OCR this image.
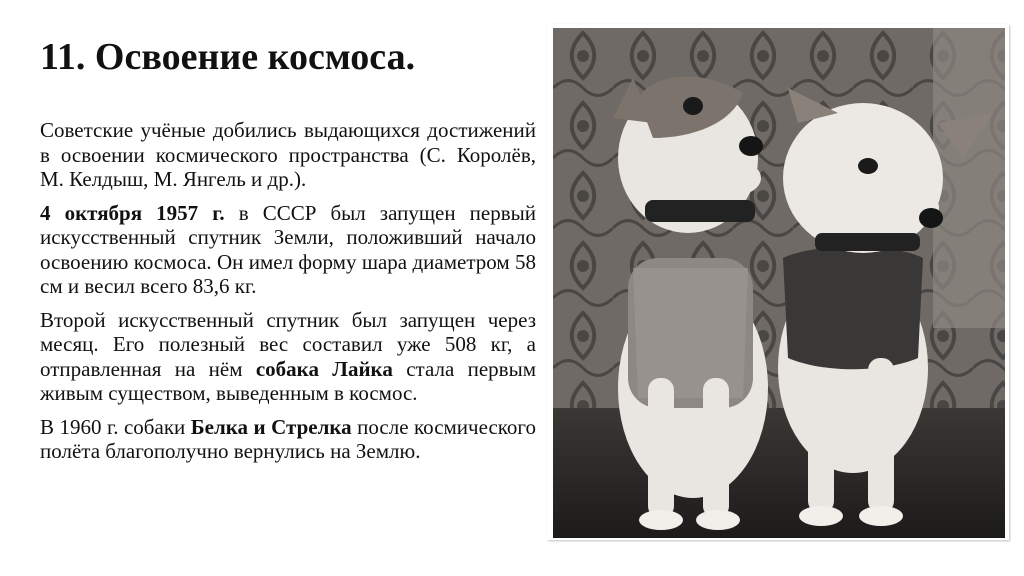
11. Освоение космоса.

Советские учёные добились выдающихся достижений в освоении космического пространства (С. Королёв, М. Келдыш, М. Янгель и др.).

4 октября 1957 г. в СССР был запущен первый искусственный спутник Земли, положивший начало освоению космоса. Он имел форму шара диаметром 58 см и весил всего 83,6 кг.

Второй искусственный спутник был запущен через месяц. Его полезный вес составил уже 508 кг, а отправленная на нём собака Лайка стала первым живым существом, выведенным в космос.

В 1960 г. собаки Белка и Стрелка после космического полёта благополучно вернулись на Землю.
